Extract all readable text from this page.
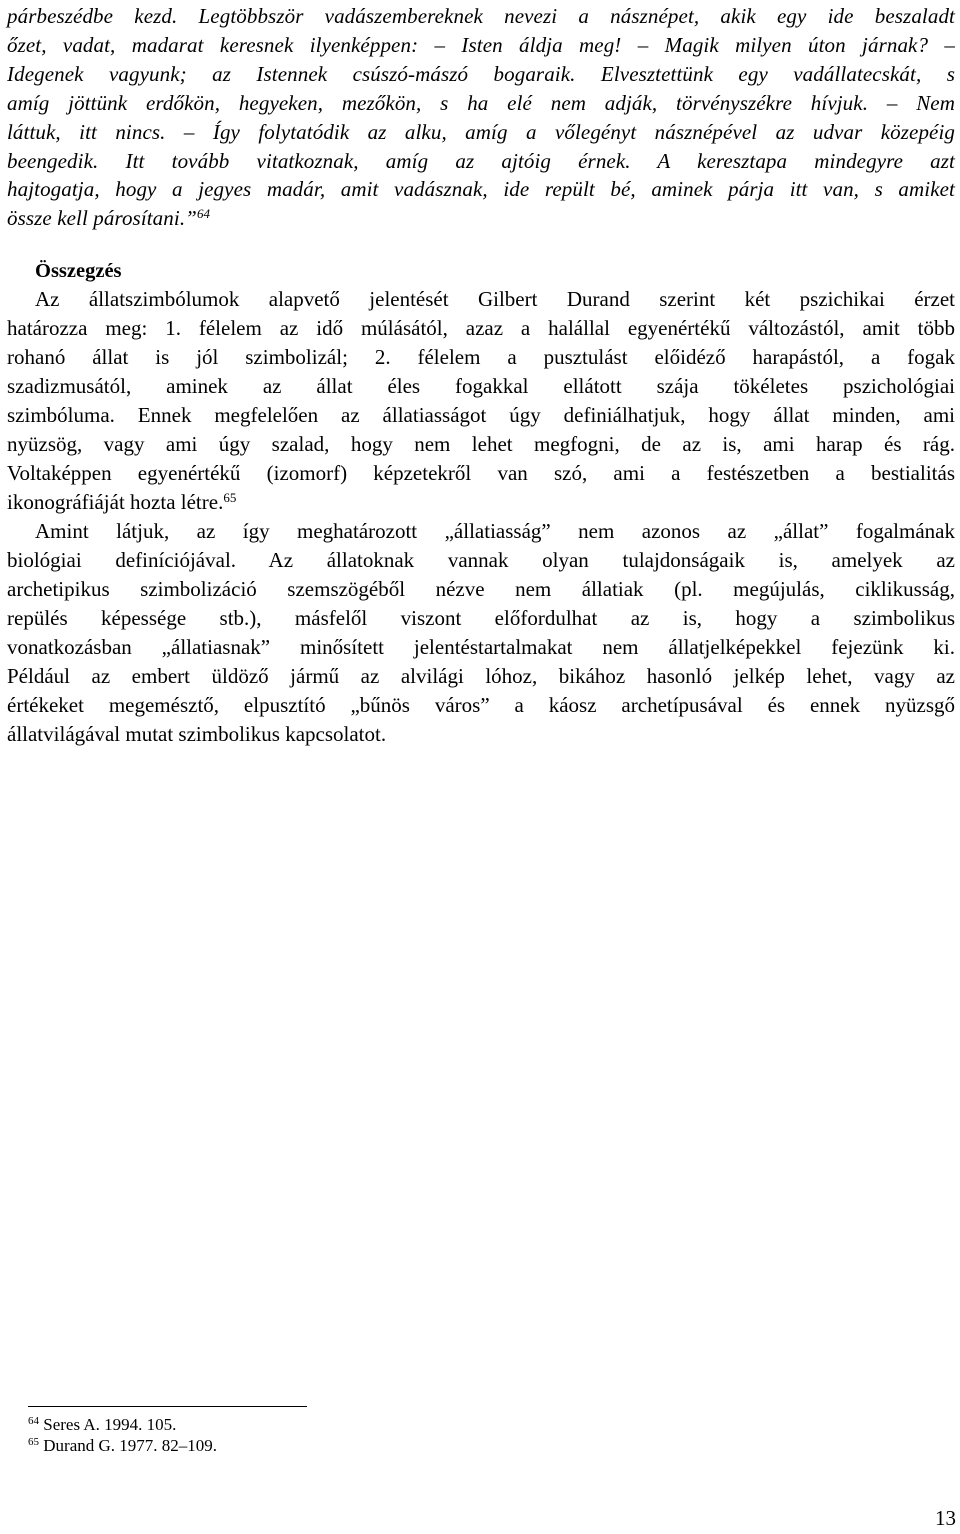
párbeszédbe kezd. Legtöbbször vadászembereknek nevezi a násznépet, akik egy ide beszaladt
őzet, vadat, madarat keresnek ilyenképpen: – Isten áldja meg! – Magik milyen úton járnak? –
Idegenek vagyunk; az Istennek csúszó-mászó bogaraik. Elvesztettünk egy vadállatecskát, s
amíg jöttünk erdőkön, hegyeken, mezőkön, s ha elé nem adják, törvényszékre hívjuk. – Nem
láttuk, itt nincs. – Így folytatódik az alku, amíg a vőlegényt násznépével az udvar közepéig
beengedik. Itt tovább vitatkoznak, amíg az ajtóig érnek. A keresztapa mindegyre azt
hajtogatja, hogy a jegyes madár, amit vadásznak, ide repült bé, aminek párja itt van, s amiket
össze kell párosítani.”$^{64}$
Összegzés
Az állatszimbólumok alapvető jelentését Gilbert Durand szerint két pszichikai érzet
határozza meg: 1. félelem az idő múlásától, azaz a halállal egyenértékű változástól, amit több
rohanó állat is jól szimbolizál; 2. félelem a pusztulást előidéző harapástól, a fogak
szadizmusától, aminek az állat éles fogakkal ellátott szája tökéletes pszichológiai
szimbóluma. Ennek megfelelően az állatiasságot úgy definiálhatjuk, hogy állat minden, ami
nyüzsög, vagy ami úgy szalad, hogy nem lehet megfogni, de az is, ami harap és rág.
Voltaképpen egyenértékű (izomorf) képzetekről van szó, ami a festészetben a bestialitás
ikonográfiáját hozta létre.$^{65}$
Amint látjuk, az így meghatározott „állatiasság” nem azonos az „állat” fogalmának
biológiai definíciójával. Az állatoknak vannak olyan tulajdonságaik is, amelyek az
archetipikus szimbolizáció szemszögéből nézve nem állatiak (pl. megújulás, ciklikusság,
repülés képessége stb.), másfelől viszont előfordulhat az is, hogy a szimbolikus
vonatkozásban „állatiasnak” minősített jelentéstartalmakat nem állatjelképekkel fejezünk ki.
Például az embert üldöző jármű az alvilági lóhoz, bikához hasonló jelkép lehet, vagy az
értékeket megemésztő, elpusztító „bűnös város” a káosz archetípusával és ennek nyüzsgő
állatvilágával mutat szimbolikus kapcsolatot.
$^{64}$ Seres A. 1994. 105.
$^{65}$ Durand G. 1977. 82–109.
13
